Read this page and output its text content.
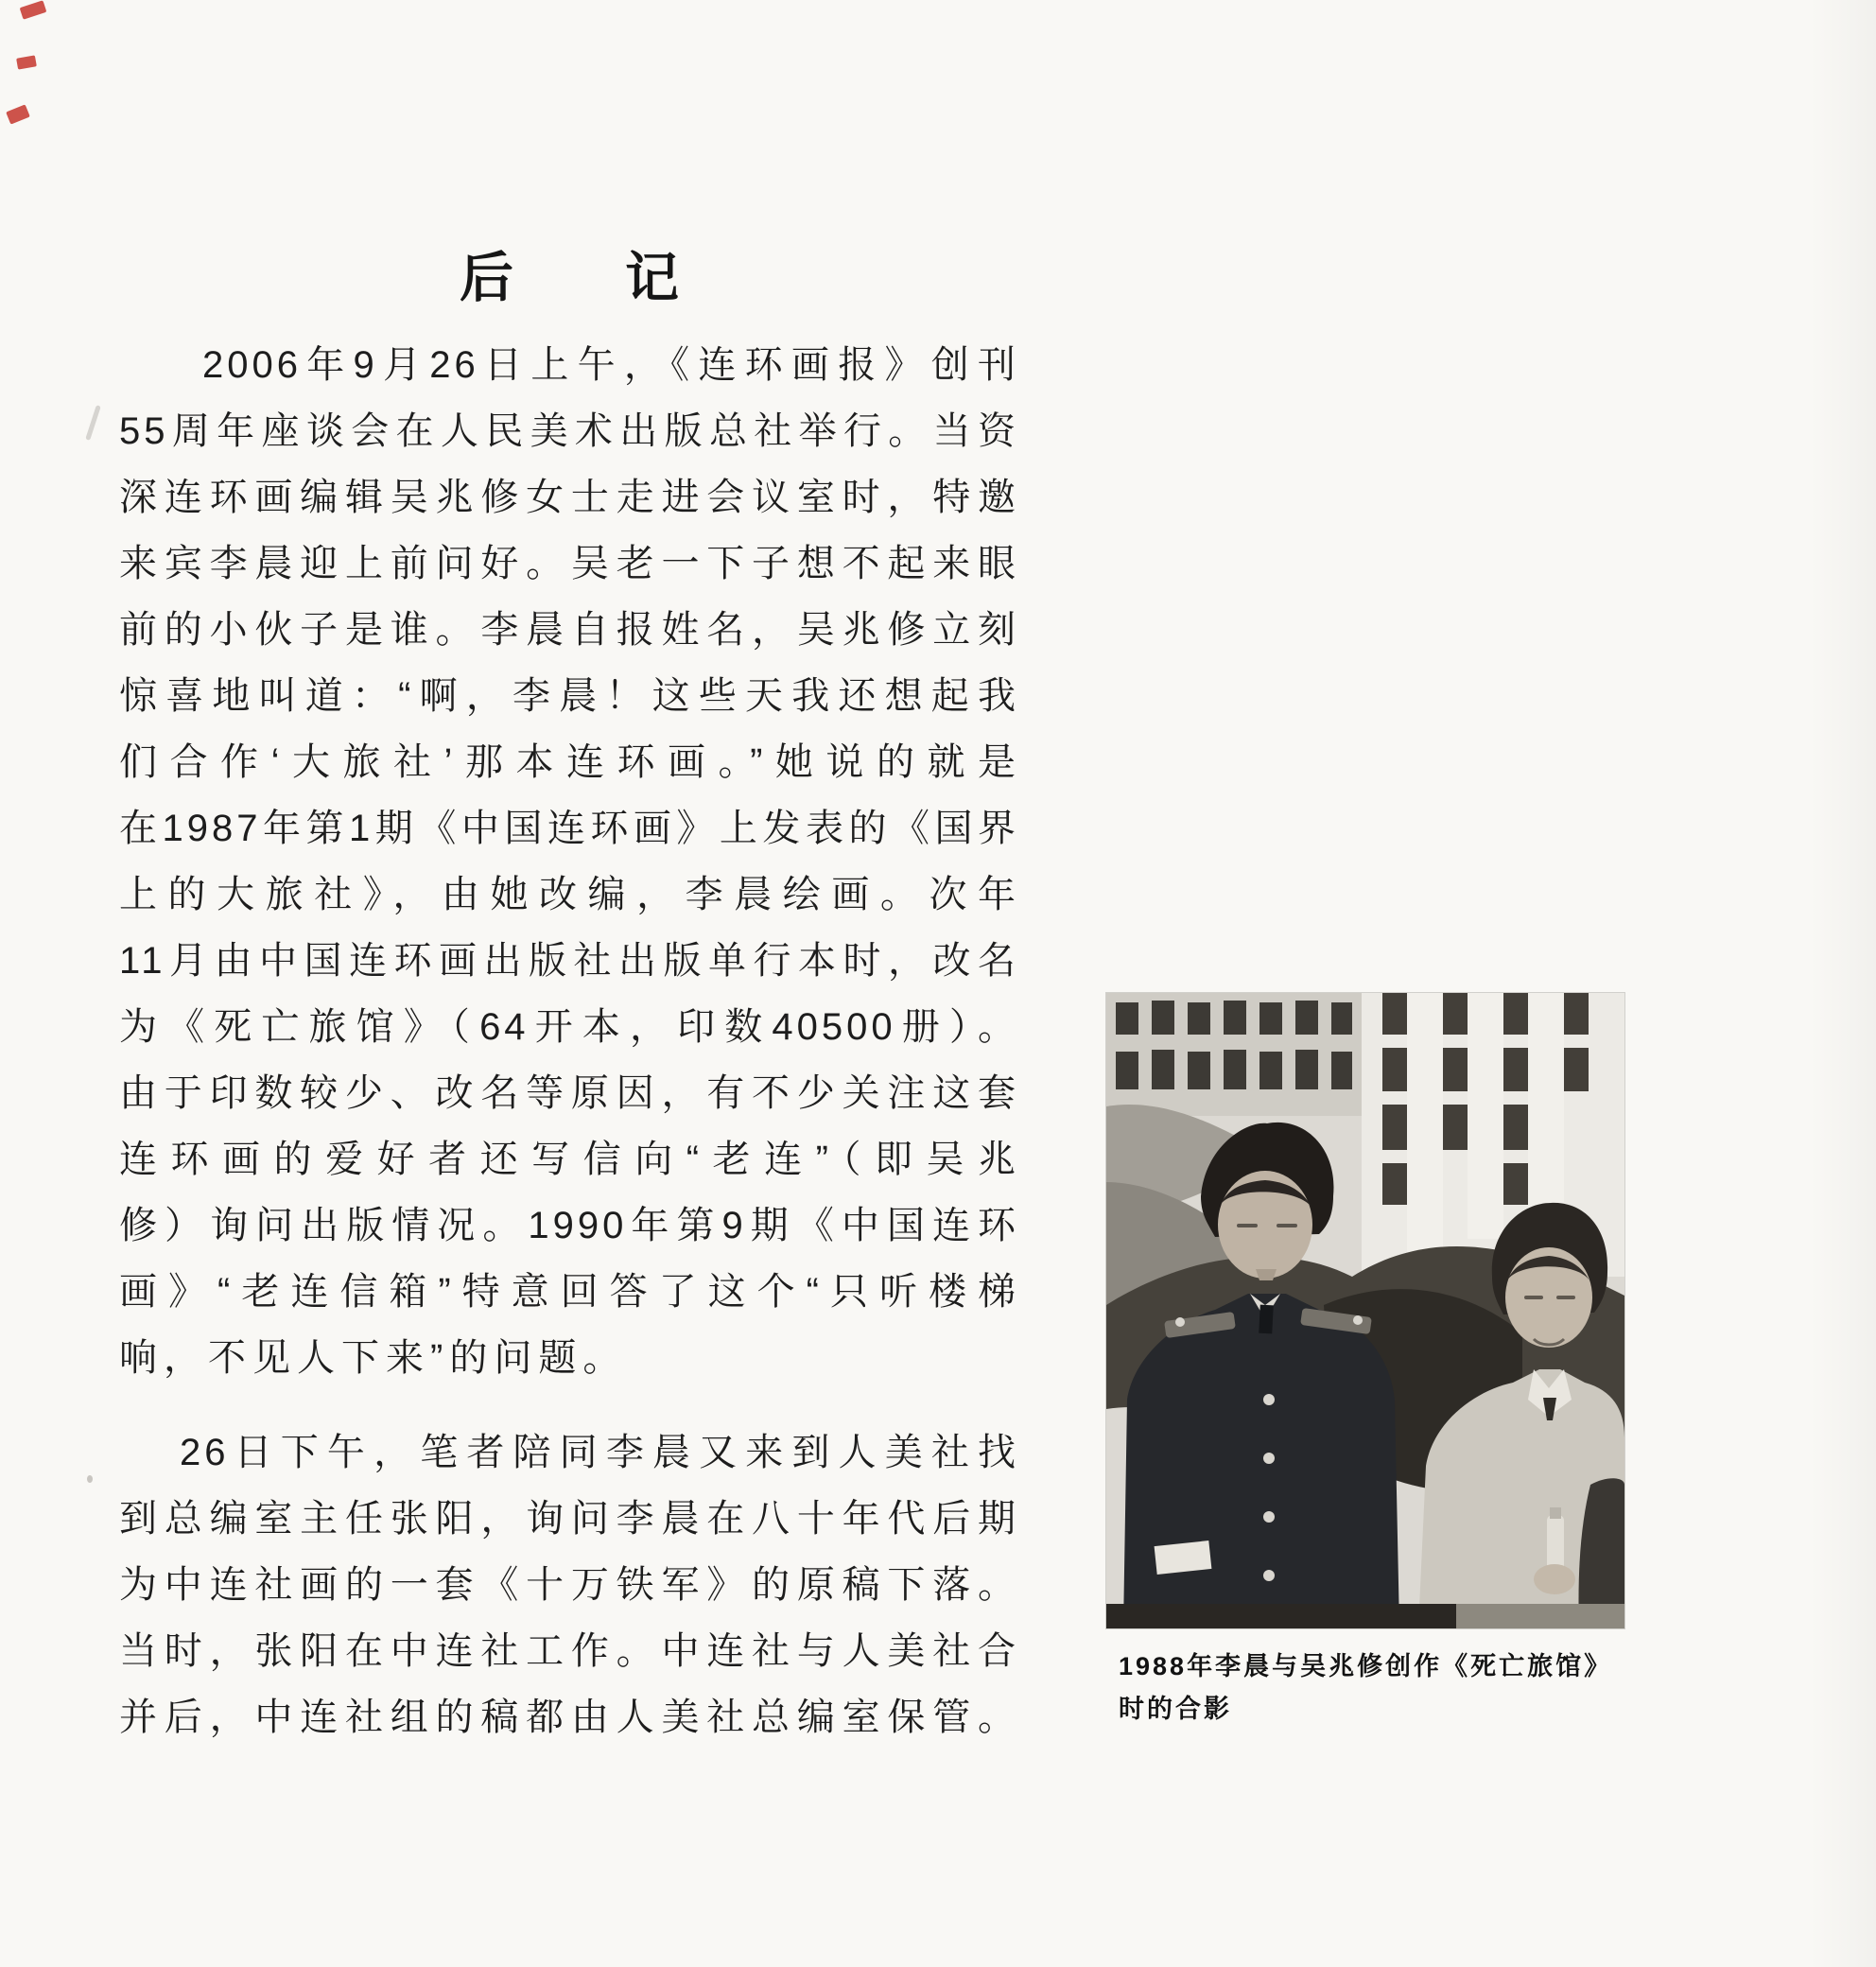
后 记
2006年9月26日上午，《连环画报》创刊
55周年座谈会在人民美术出版总社举行。当资
深连环画编辑吴兆修女士走进会议室时，特邀
来宾李晨迎上前问好。吴老一下子想不起来眼
前的小伙子是谁。李晨自报姓名，吴兆修立刻
惊喜地叫道：“啊，李晨！这些天我还想起我
们合作‘大旅社’那本连环画。”她说的就是
在1987年第1期《中国连环画》上发表的《国界
上的大旅社》，由她改编，李晨绘画。次年
11月由中国连环画出版社出版单行本时，改名
为《死亡旅馆》（64开本，印数40500册）。
由于印数较少、改名等原因，有不少关注这套
连环画的爱好者还写信向“老连”（即吴兆
修）询问出版情况。1990年第9期《中国连环
画》“老连信箱”特意回答了这个“只听楼梯
响，不见人下来”的问题。
26日下午，笔者陪同李晨又来到人美社找
到总编室主任张阳，询问李晨在八十年代后期
为中连社画的一套《十万铁军》的原稿下落。
当时，张阳在中连社工作。中连社与人美社合
并后，中连社组的稿都由人美社总编室保管。
1988年李晨与吴兆修创作《死亡旅馆》
时的合影
